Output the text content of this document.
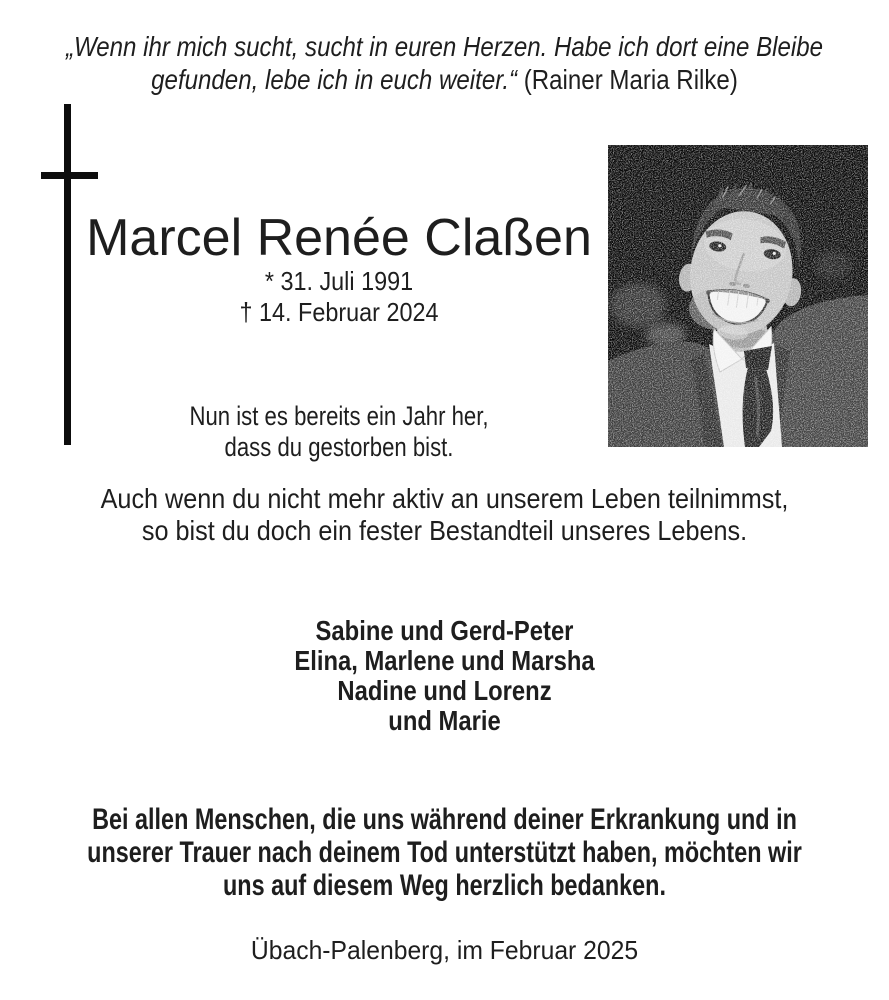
„Wenn ihr mich sucht, sucht in euren Herzen. Habe ich dort eine Bleibe
gefunden, lebe ich in euch weiter.“ (Rainer Maria Rilke)
Marcel Renée Claßen
* 31. Juli 1991
† 14. Februar 2024
Nun ist es bereits ein Jahr her,
dass du gestorben bist.
Auch wenn du nicht mehr aktiv an unserem Leben teilnimmst,
so bist du doch ein fester Bestandteil unseres Lebens.
Sabine und Gerd-Peter
Elina, Marlene und Marsha
Nadine und Lorenz
und Marie
Bei allen Menschen, die uns während deiner Erkrankung und in
unserer Trauer nach deinem Tod unterstützt haben, möchten wir
uns auf diesem Weg herzlich bedanken.
Übach-Palenberg, im Februar 2025
